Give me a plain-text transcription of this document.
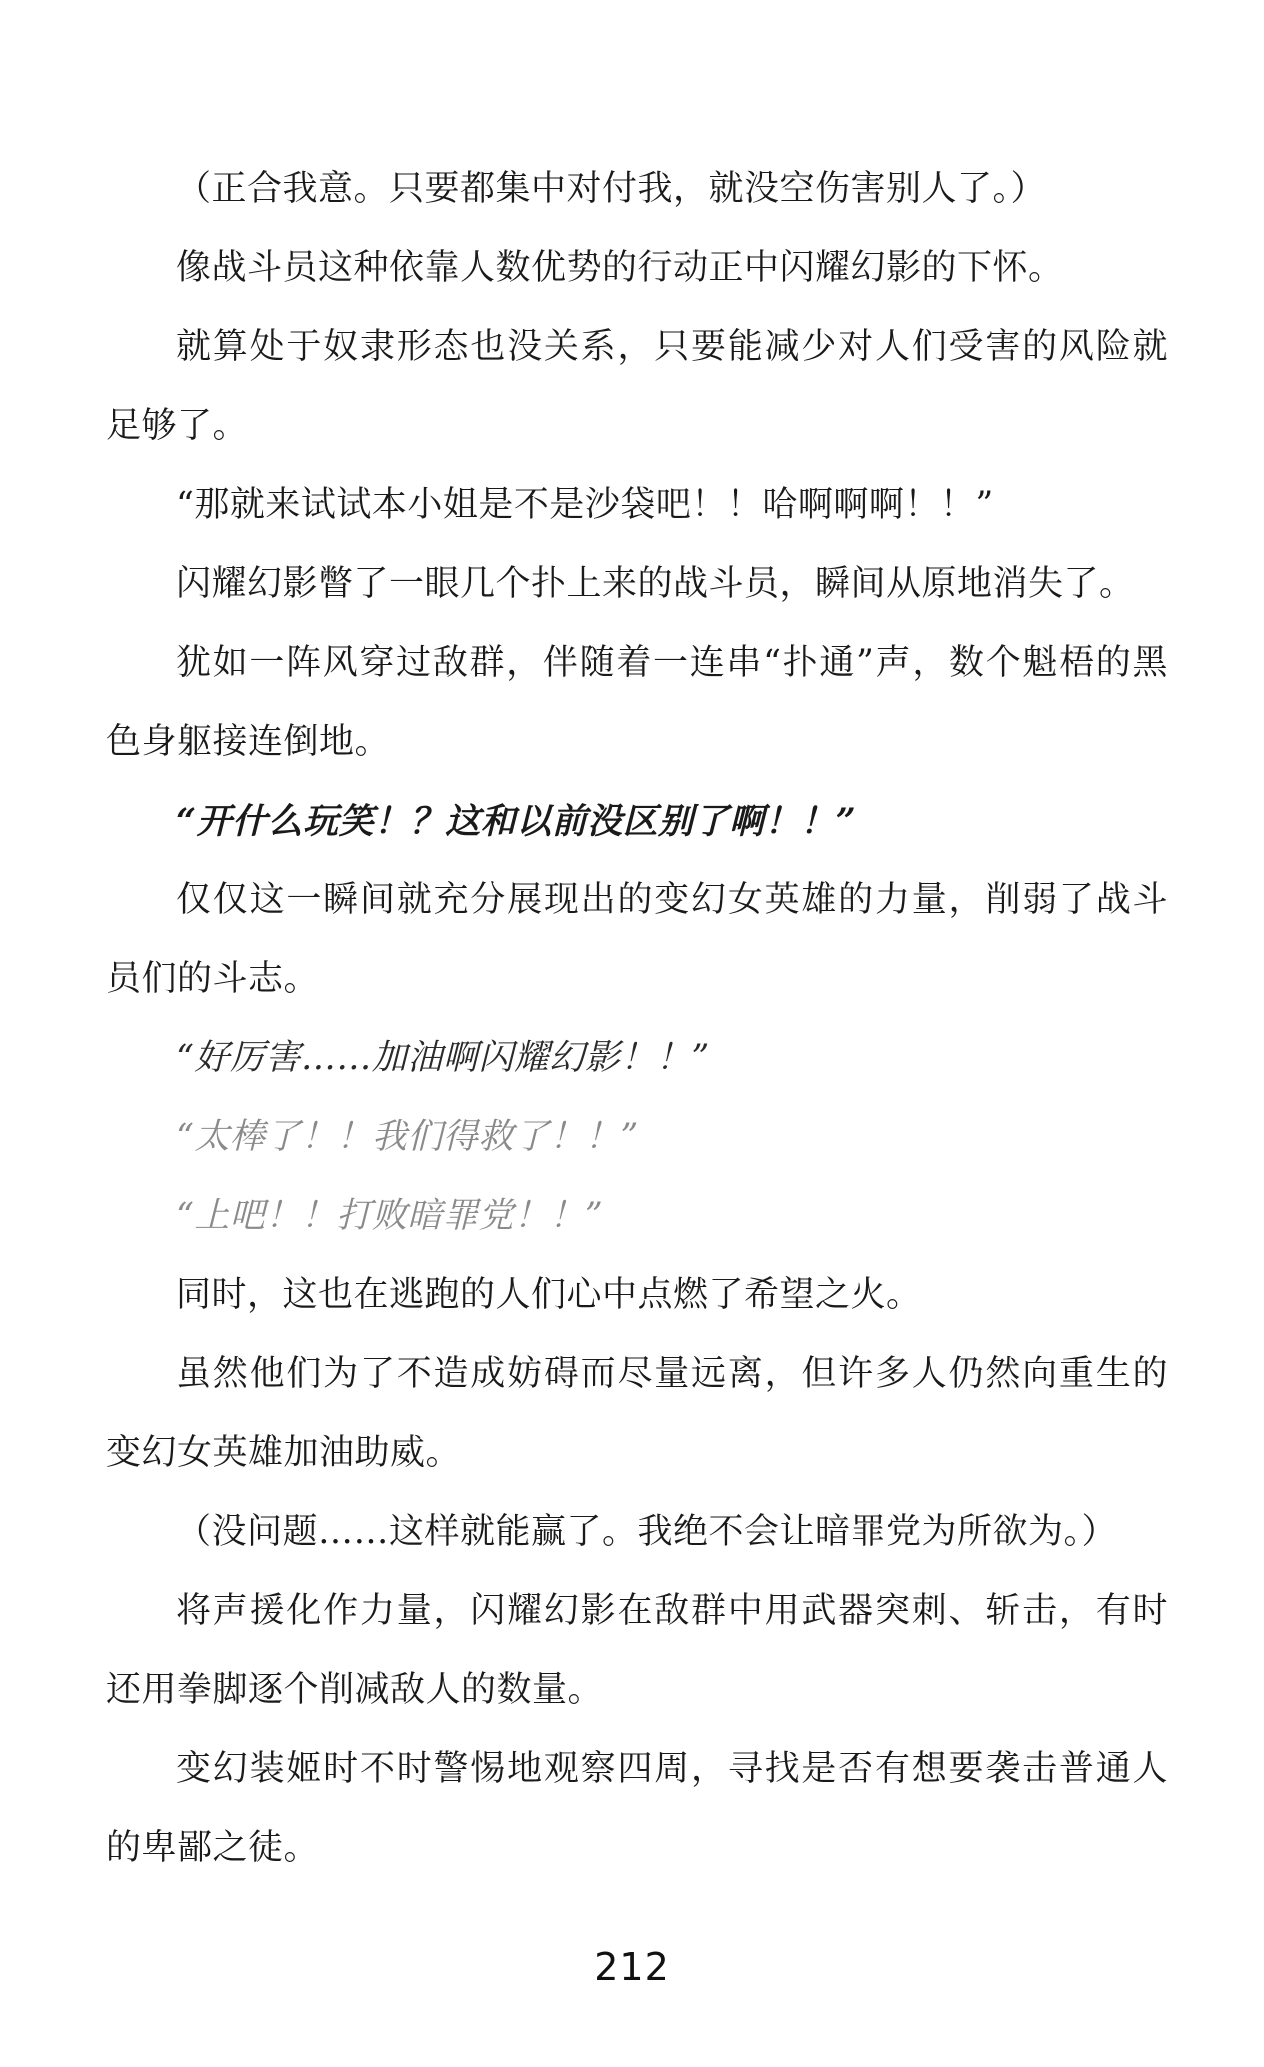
（正合我意。只要都集中对付我，就没空伤害别人了。）

像战斗员这种依靠人数优势的行动正中闪耀幻影的下怀。

就算处于奴隶形态也没关系，只要能减少对人们受害的风险就足够了。

“那就来试试本小姐是不是沙袋吧！！哈啊啊啊！！”

闪耀幻影瞥了一眼几个扑上来的战斗员，瞬间从原地消失了。

犹如一阵风穿过敌群，伴随着一连串“扑通”声，数个魁梧的黑色身躯接连倒地。

“开什么玩笑！？这和以前没区别了啊！！”

仅仅这一瞬间就充分展现出的变幻女英雄的力量，削弱了战斗员们的斗志。

“好厉害……加油啊闪耀幻影！！”

“太棒了！！我们得救了！！”

“上吧！！打败暗罪党！！”

同时，这也在逃跑的人们心中点燃了希望之火。

虽然他们为了不造成妨碍而尽量远离，但许多人仍然向重生的变幻女英雄加油助威。

（没问题……这样就能赢了。我绝不会让暗罪党为所欲为。）

将声援化作力量，闪耀幻影在敌群中用武器突刺、斩击，有时还用拳脚逐个削减敌人的数量。

变幻装姬时不时警惕地观察四周，寻找是否有想要袭击普通人的卑鄙之徒。

212
